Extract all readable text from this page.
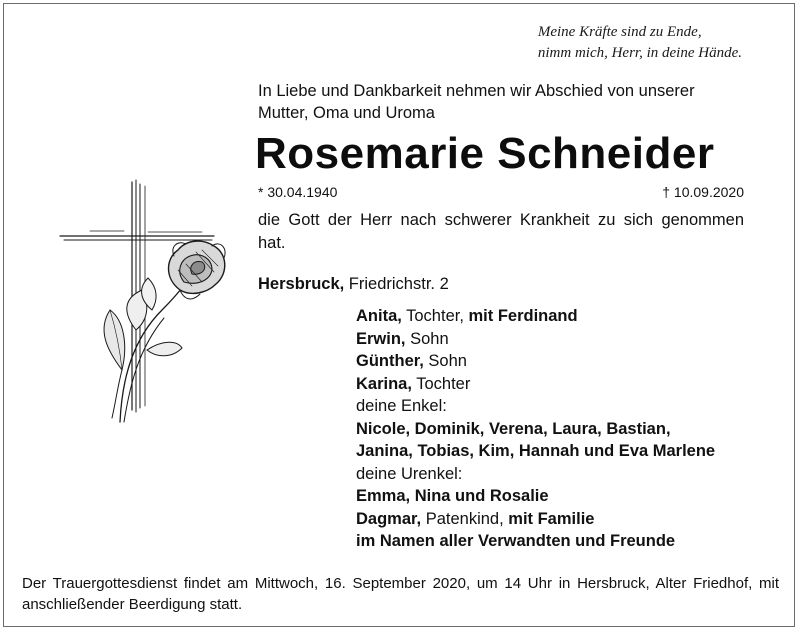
Meine Kräfte sind zu Ende,
nimm mich, Herr, in deine Hände.
In Liebe und Dankbarkeit nehmen wir Abschied von unserer Mutter, Oma und Uroma
Rosemarie Schneider
* 30.04.1940	† 10.09.2020
die Gott der Herr nach schwerer Krankheit zu sich genommen hat.
Hersbruck, Friedrichstr. 2
Anita, Tochter, mit Ferdinand
Erwin, Sohn
Günther, Sohn
Karina, Tochter
deine Enkel:
Nicole, Dominik, Verena, Laura, Bastian,
Janina, Tobias, Kim, Hannah und Eva Marlene
deine Urenkel:
Emma, Nina und Rosalie
Dagmar, Patenkind, mit Familie
im Namen aller Verwandten und Freunde
Der Trauergottesdienst findet am Mittwoch, 16. September 2020, um 14 Uhr in Hersbruck, Alter Friedhof, mit anschließender Beerdigung statt.
